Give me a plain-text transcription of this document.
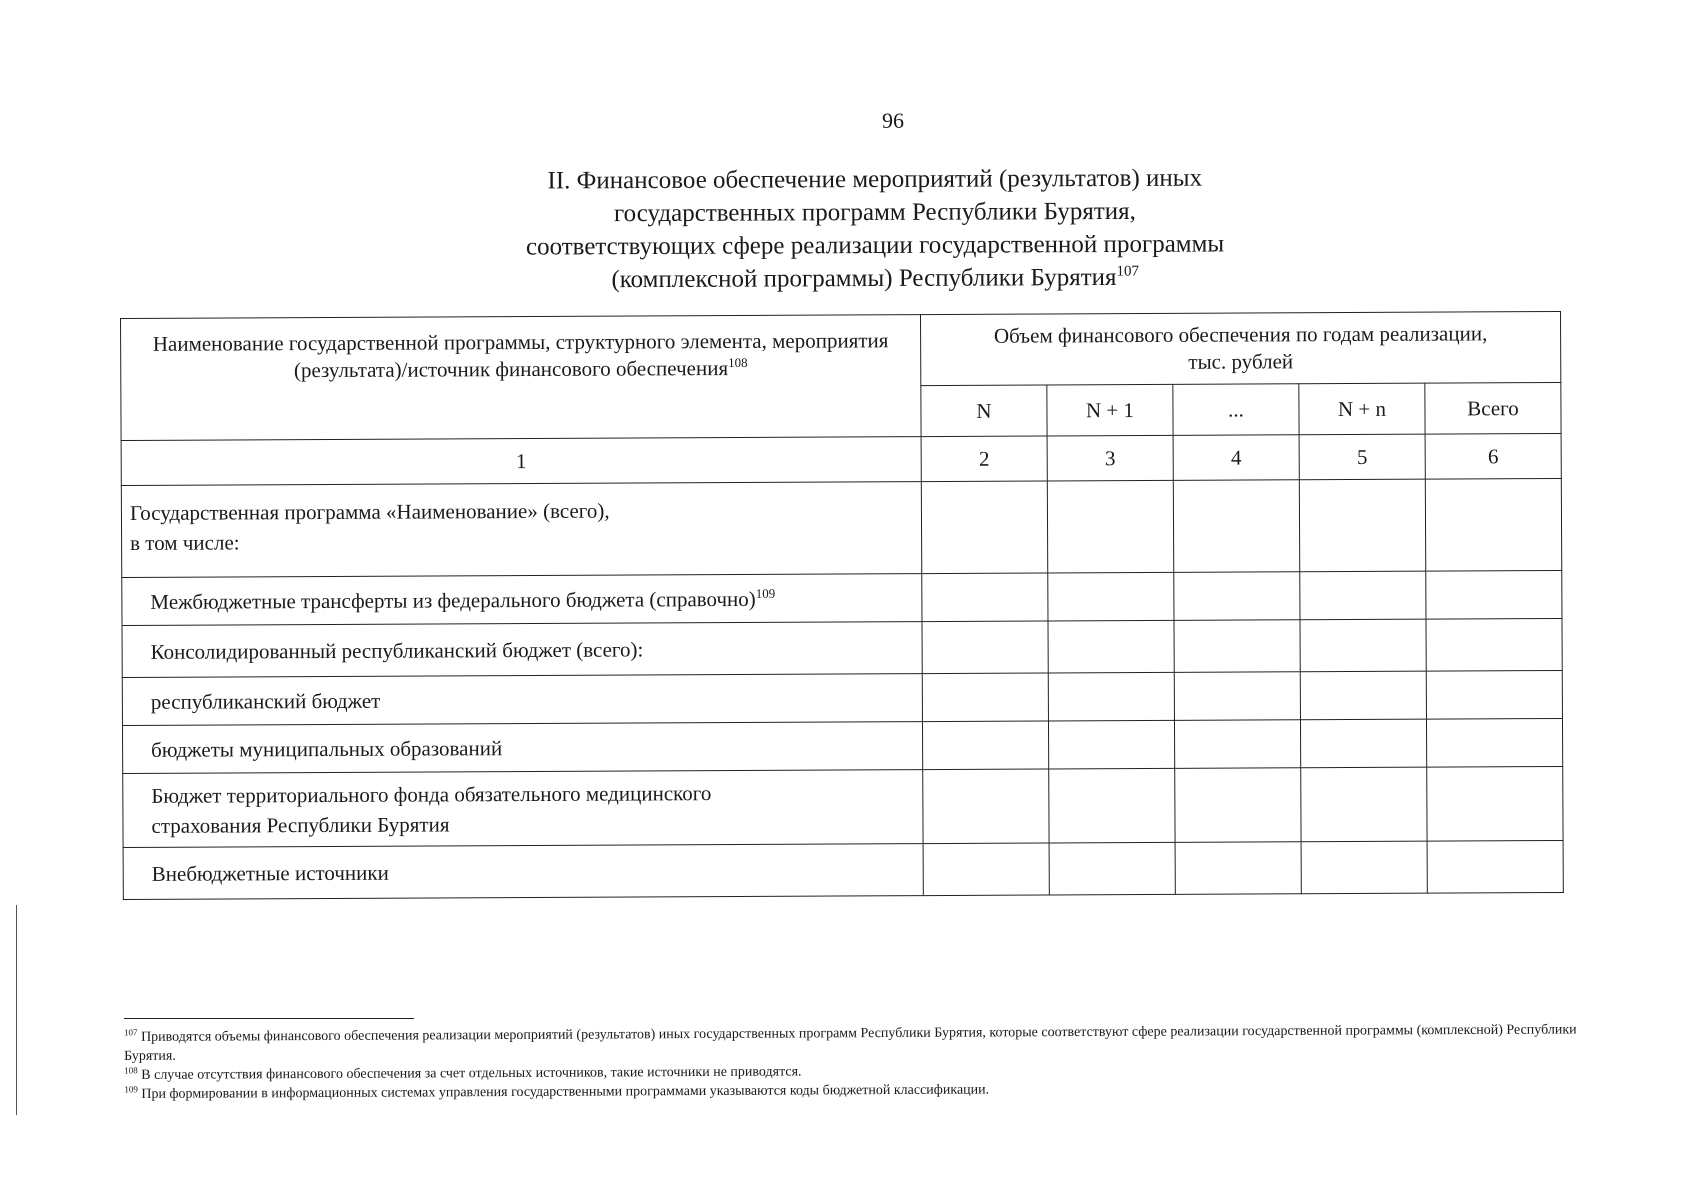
96
II. Финансовое обеспечение мероприятий (результатов) иных
государственных программ Республики Бурятия,
соответствующих сфере реализации государственной программы
(комплексной программы) Республики Бурятия$^{107}$
Наименование государственной программы, структурного элемента, мероприятия (результата)/источник финансового обеспечения$^{108}$	Объем финансового обеспечения по годам реализации,
тыс. рублей				

	N	N + 1	...	N + n	Всего
1	2	3	4	5	6

Государственная программа «Наименование» (всего),
в том числе:					

Межбюджетные трансферты из федерального бюджета (справочно)$^{109}$					
Консолидированный республиканский бюджет (всего):					
республиканский бюджет					
бюджеты муниципальных образований					

Бюджет территориального фонда обязательного медицинского
страхования Республики Бурятия					

Внебюджетные источники					

$^{107}$ Приводятся объемы финансового обеспечения реализации мероприятий (результатов) иных государственных программ Республики Бурятия, которые соответствуют сфере реализации государственной программы (комплексной) Республики Бурятия.

$^{108}$ В случае отсутствия финансового обеспечения за счет отдельных источников, такие источники не приводятся.

$^{109}$ При формировании в информационных системах управления государственными программами указываются коды бюджетной классификации.
